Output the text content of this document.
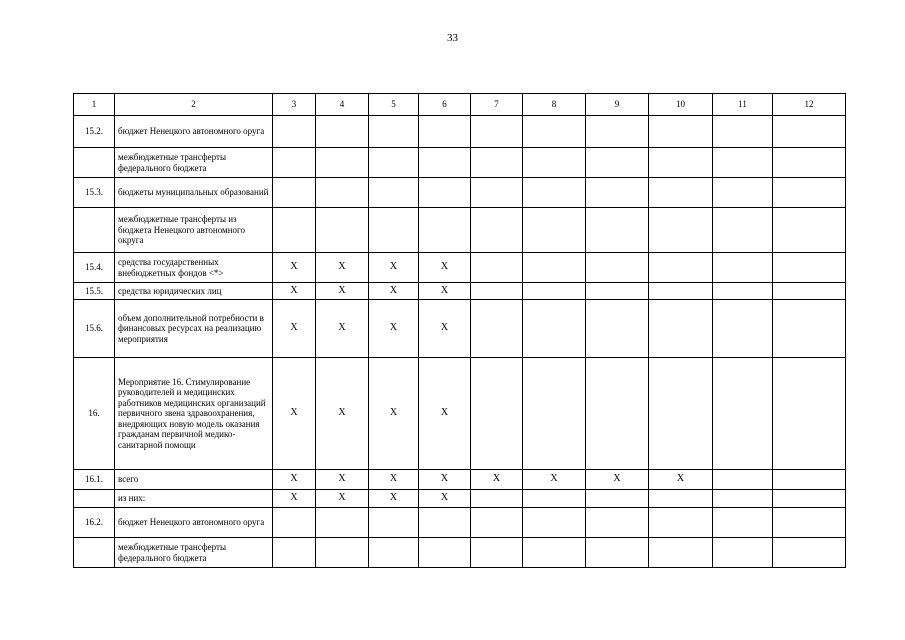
33
1	2	3	4	5	6	7	8	9	10	11	12
15.2.	бюджет Ненецкого автономного оруга										
	межбюджетные трансферты федерального бюджета										
15.3.	бюджеты муниципальных образований										
	межбюджетные трансферты из бюджета Ненецкого автономного округа										
15.4.	средства государственных внебюджетных фондов <*>	X	X	X	X						
15.5.	средства юридических лиц	X	X	X	X						
15.6.	объем дополнительной потребности в финансовых ресурсах на реализацию мероприятия	X	X	X	X						
16.	Мероприятие 16. Стимулирование руководителей и медицинских работников медицинских организаций первичного звена здравоохранения, внедряющих новую модель оказания гражданам первичной медико-санитарной помощи	X	X	X	X						
16.1.	всего	X	X	X	X	X	X	X	X		
	из них:	X	X	X	X						
16.2.	бюджет Ненецкого автономного оруга										
	межбюджетные трансферты федерального бюджета										
